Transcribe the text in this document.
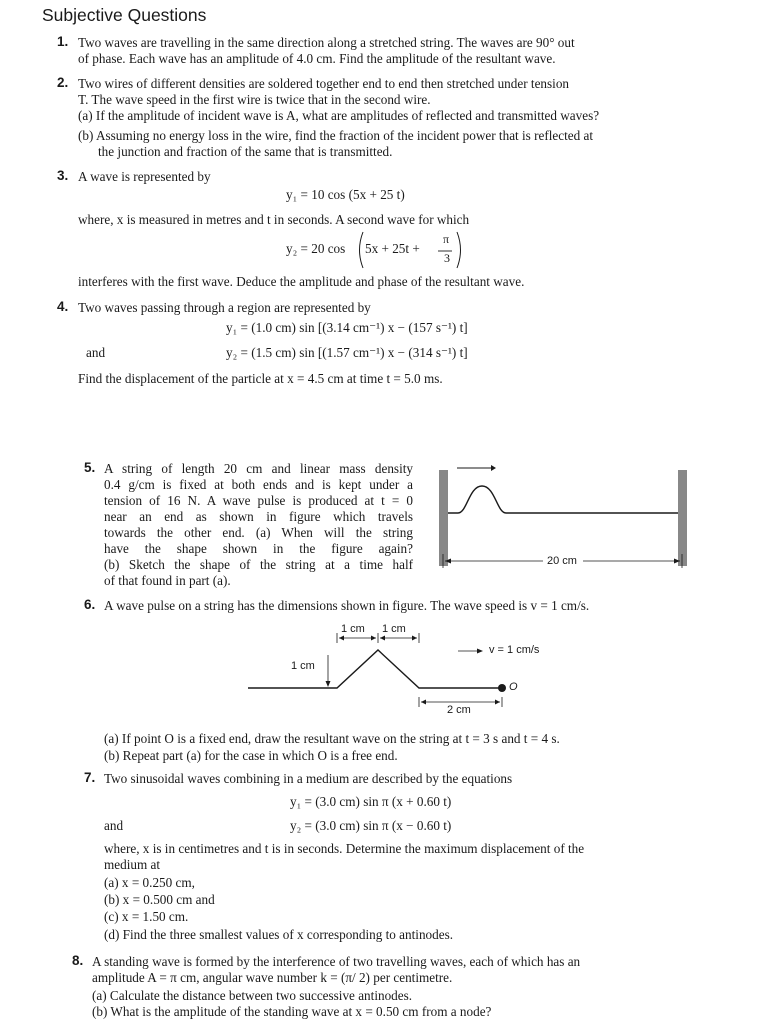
Subjective Questions
1. Two waves are travelling in the same direction along a stretched string. The waves are 90° out
of phase. Each wave has an amplitude of 4.0 cm. Find the amplitude of the resultant wave.
2. Two wires of different densities are soldered together end to end then stretched under tension
T. The wave speed in the first wire is twice that in the second wire.
(a) If the amplitude of incident wave is A, what are amplitudes of reflected and transmitted waves?
(b) Assuming no energy loss in the wire, find the fraction of the incident power that is reflected at
the junction and fraction of the same that is transmitted.
3. A wave is represented by
y₁ = 10 cos (5x + 25 t)
where, x is measured in metres and t in seconds. A second wave for which
y₂ = 20 cos 5x + 25t +
π
3
interferes with the first wave. Deduce the amplitude and phase of the resultant wave.
4. Two waves passing through a region are represented by
y₁ = (1.0 cm) sin [(3.14 cm⁻¹) x − (157 s⁻¹) t]
and	y₂ = (1.5 cm) sin [(1.57 cm⁻¹) x − (314 s⁻¹) t]
Find the displacement of the particle at x = 4.5 cm at time t = 5.0 ms.
5. A string of length 20 cm and linear mass density
0.4 g/cm is fixed at both ends and is kept under a
tension of 16 N. A wave pulse is produced at t = 0
near an end as shown in figure which travels
towards the other end. (a) When will the string
have the shape shown in the figure again?
(b) Sketch the shape of the string at a time half
of that found in part (a).
20 cm
6. A wave pulse on a string has the dimensions shown in figure. The wave speed is v = 1 cm/s.
1 cm 1 cm
1 cm
v = 1 cm/s
2 cm
O
(a) If point O is a fixed end, draw the resultant wave on the string at t = 3 s and t = 4 s.
(b) Repeat part (a) for the case in which O is a free end.
7. Two sinusoidal waves combining in a medium are described by the equations
y₁ = (3.0 cm) sin π (x + 0.60 t)
and	y₂ = (3.0 cm) sin π (x − 0.60 t)
where, x is in centimetres and t is in seconds. Determine the maximum displacement of the
medium at
(a) x = 0.250 cm,
(b) x = 0.500 cm and
(c) x = 1.50 cm.
(d) Find the three smallest values of x corresponding to antinodes.
8. A standing wave is formed by the interference of two travelling waves, each of which has an
amplitude A = π cm, angular wave number k = (π/ 2) per centimetre.
(a) Calculate the distance between two successive antinodes.
(b) What is the amplitude of the standing wave at x = 0.50 cm from a node?
